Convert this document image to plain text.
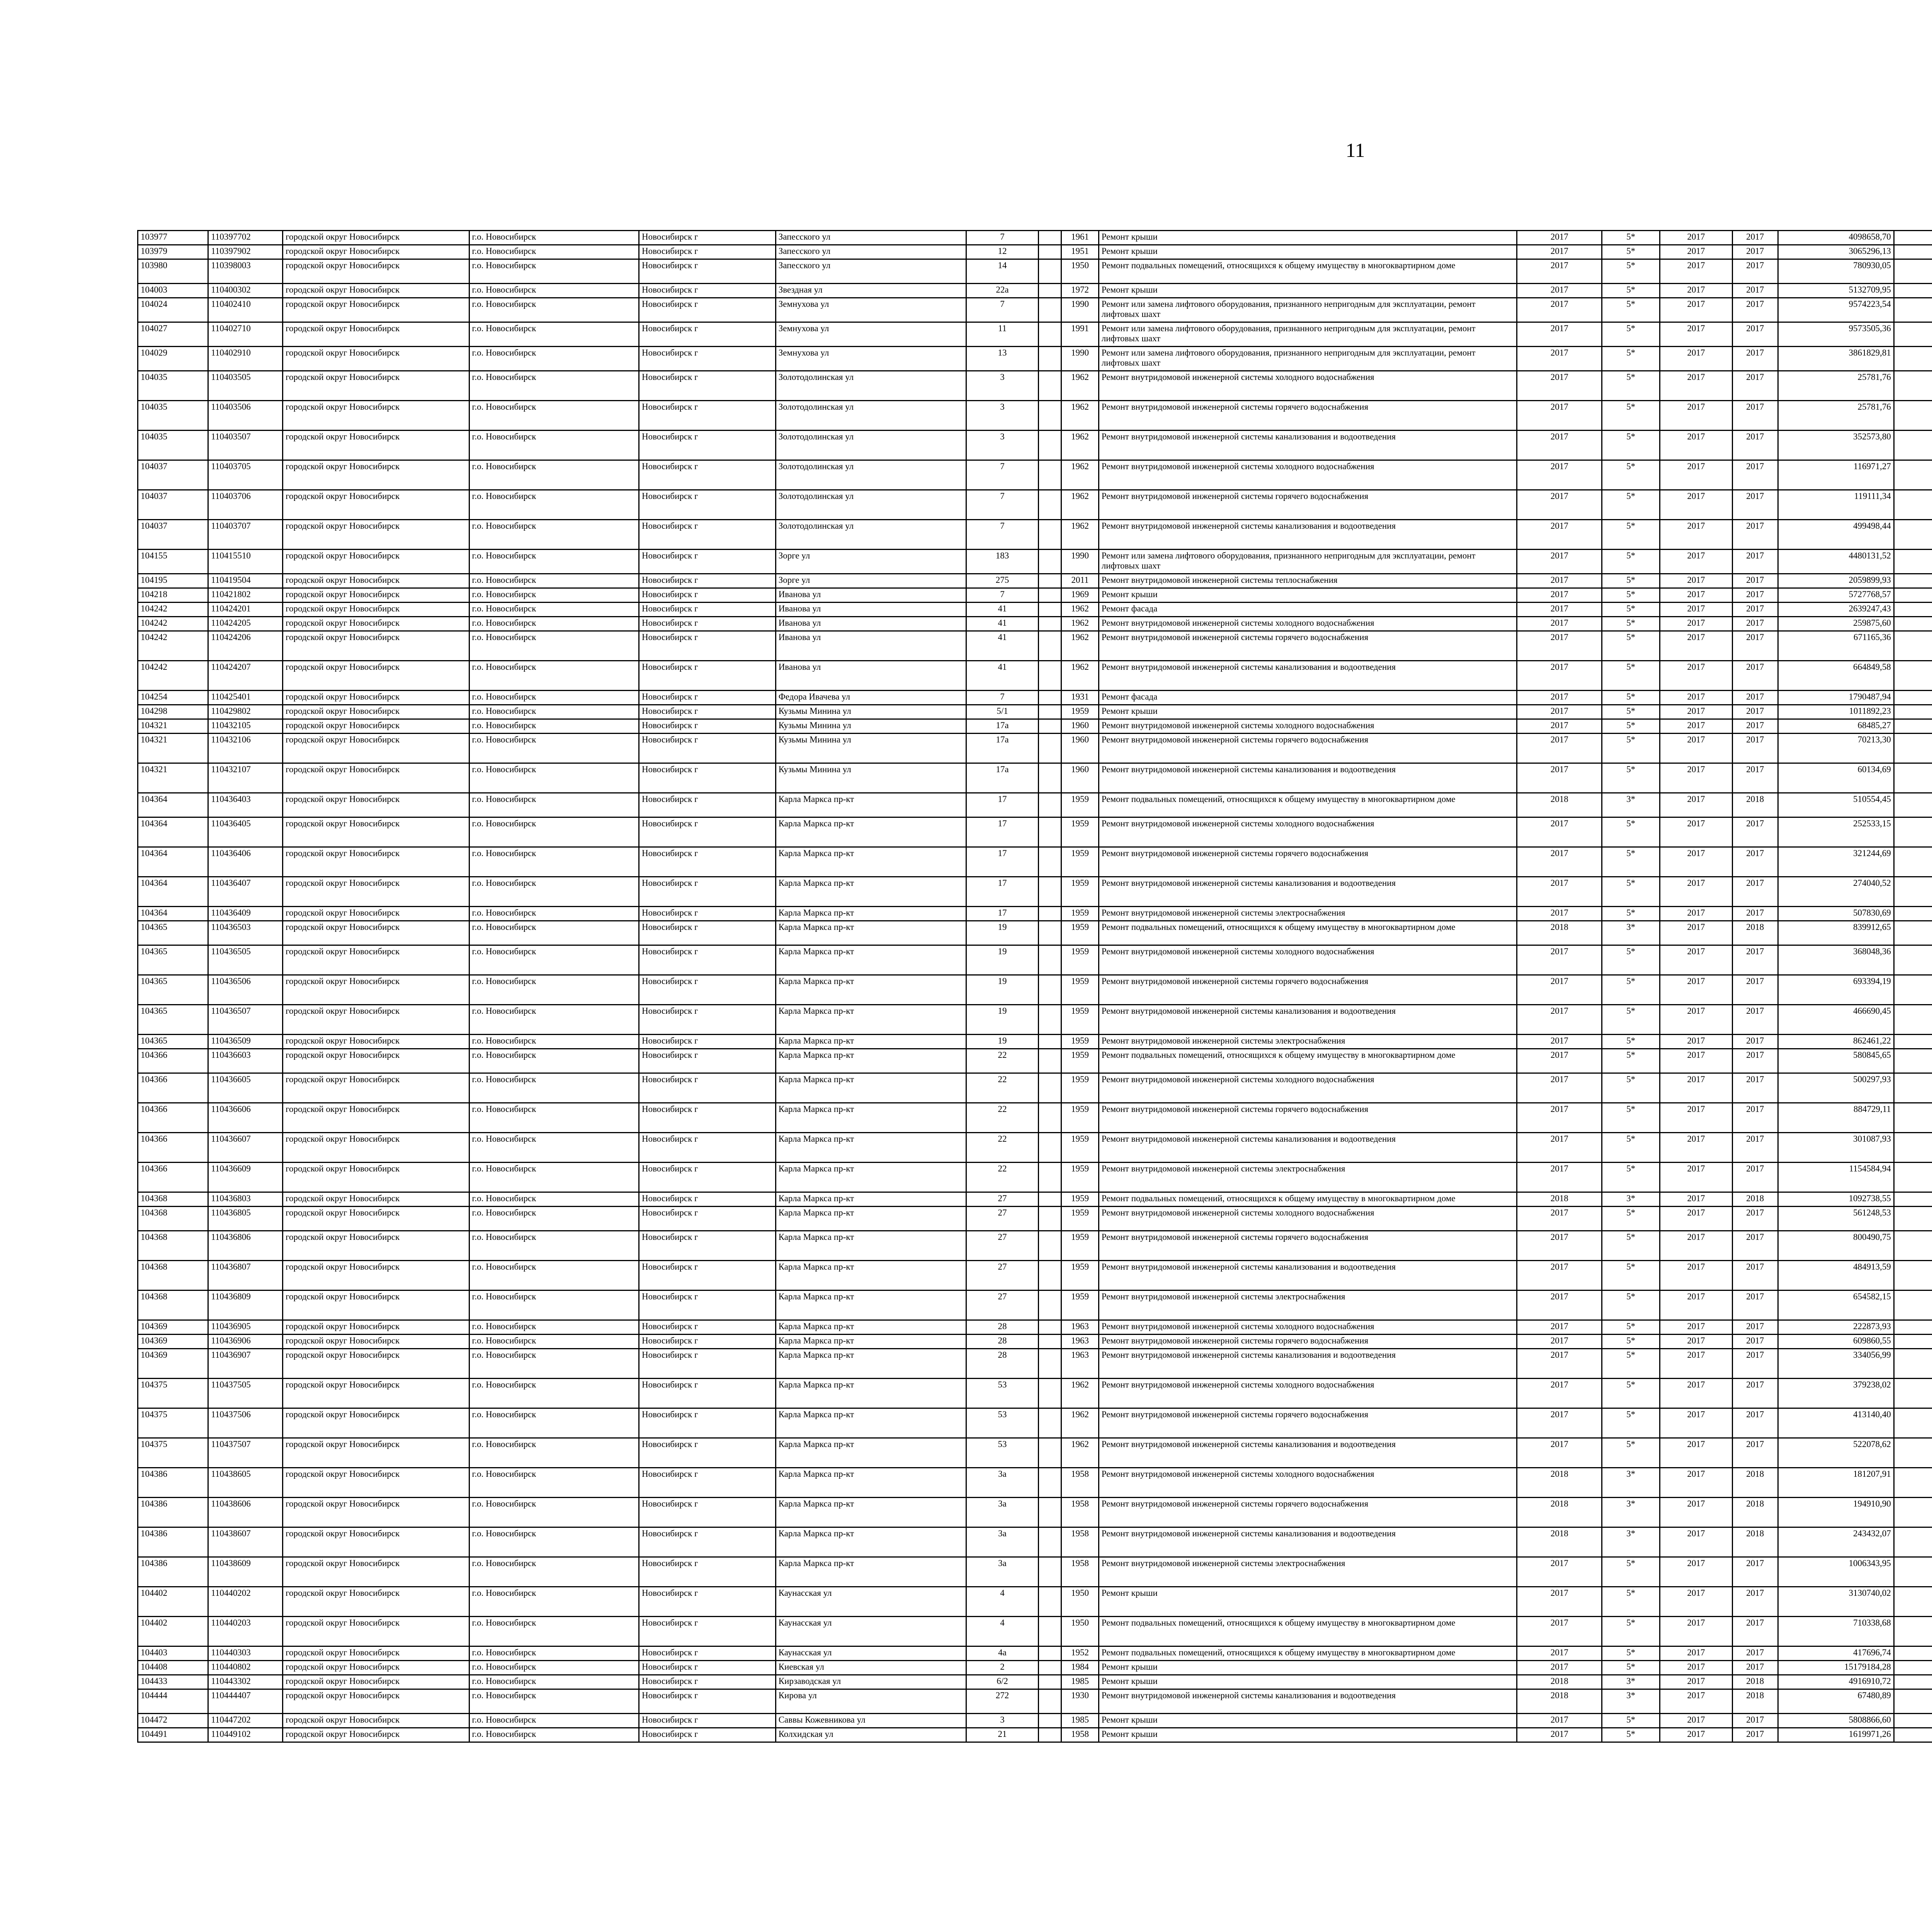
11
103977	110397702	городской округ Новосибирск	г.о. Новосибирск	Новосибирск г	Запесского ул	7		1961	Ремонт крыши	2017	5*	2017	2017	4098658,70							
103979	110397902	городской округ Новосибирск	г.о. Новосибирск	Новосибирск г	Запесского ул	12		1951	Ремонт крыши	2017	5*	2017	2017	3065296,13							
103980	110398003	городской округ Новосибирск	г.о. Новосибирск	Новосибирск г	Запесского ул	14		1950	Ремонт подвальных помещений, относящихся к общему имуществу в многоквартирном доме	2017	5*	2017	2017	780930,05							
104003	110400302	городской округ Новосибирск	г.о. Новосибирск	Новосибирск г	Звездная ул	22а		1972	Ремонт крыши	2017	5*	2017	2017	5132709,95							
104024	110402410	городской округ Новосибирск	г.о. Новосибирск	Новосибирск г	Земнухова ул	7		1990	Ремонт или замена лифтового оборудования, признанного непригодным для эксплуатации, ремонт лифтовых шахт	2017	5*	2017	2017	9574223,54							
104027	110402710	городской округ Новосибирск	г.о. Новосибирск	Новосибирск г	Земнухова ул	11		1991	Ремонт или замена лифтового оборудования, признанного непригодным для эксплуатации, ремонт лифтовых шахт	2017	5*	2017	2017	9573505,36							
104029	110402910	городской округ Новосибирск	г.о. Новосибирск	Новосибирск г	Земнухова ул	13		1990	Ремонт или замена лифтового оборудования, признанного непригодным для эксплуатации, ремонт лифтовых шахт	2017	5*	2017	2017	3861829,81							
104035	110403505	городской округ Новосибирск	г.о. Новосибирск	Новосибирск г	Золотодолинская ул	3		1962	Ремонт внутридомовой инженерной системы холодного водоснабжения	2017	5*	2017	2017	25781,76							
104035	110403506	городской округ Новосибирск	г.о. Новосибирск	Новосибирск г	Золотодолинская ул	3		1962	Ремонт внутридомовой инженерной системы горячего водоснабжения	2017	5*	2017	2017	25781,76							
104035	110403507	городской округ Новосибирск	г.о. Новосибирск	Новосибирск г	Золотодолинская ул	3		1962	Ремонт внутридомовой инженерной системы канализования и водоотведения	2017	5*	2017	2017	352573,80							
104037	110403705	городской округ Новосибирск	г.о. Новосибирск	Новосибирск г	Золотодолинская ул	7		1962	Ремонт внутридомовой инженерной системы холодного водоснабжения	2017	5*	2017	2017	116971,27							
104037	110403706	городской округ Новосибирск	г.о. Новосибирск	Новосибирск г	Золотодолинская ул	7		1962	Ремонт внутридомовой инженерной системы горячего водоснабжения	2017	5*	2017	2017	119111,34							
104037	110403707	городской округ Новосибирск	г.о. Новосибирск	Новосибирск г	Золотодолинская ул	7		1962	Ремонт внутридомовой инженерной системы канализования и водоотведения	2017	5*	2017	2017	499498,44							
104155	110415510	городской округ Новосибирск	г.о. Новосибирск	Новосибирск г	Зорге ул	183		1990	Ремонт или замена лифтового оборудования, признанного непригодным для эксплуатации, ремонт лифтовых шахт	2017	5*	2017	2017	4480131,52							
104195	110419504	городской округ Новосибирск	г.о. Новосибирск	Новосибирск г	Зорге ул	275		2011	Ремонт внутридомовой инженерной системы теплоснабжения	2017	5*	2017	2017	2059899,93							
104218	110421802	городской округ Новосибирск	г.о. Новосибирск	Новосибирск г	Иванова ул	7		1969	Ремонт крыши	2017	5*	2017	2017	5727768,57							
104242	110424201	городской округ Новосибирск	г.о. Новосибирск	Новосибирск г	Иванова ул	41		1962	Ремонт фасада	2017	5*	2017	2017	2639247,43							
104242	110424205	городской округ Новосибирск	г.о. Новосибирск	Новосибирск г	Иванова ул	41		1962	Ремонт внутридомовой инженерной системы холодного водоснабжения	2017	5*	2017	2017	259875,60							
104242	110424206	городской округ Новосибирск	г.о. Новосибирск	Новосибирск г	Иванова ул	41		1962	Ремонт внутридомовой инженерной системы горячего водоснабжения	2017	5*	2017	2017	671165,36							
104242	110424207	городской округ Новосибирск	г.о. Новосибирск	Новосибирск г	Иванова ул	41		1962	Ремонт внутридомовой инженерной системы канализования и водоотведения	2017	5*	2017	2017	664849,58							
104254	110425401	городской округ Новосибирск	г.о. Новосибирск	Новосибирск г	Федора Ивачева ул	7		1931	Ремонт фасада	2017	5*	2017	2017	1790487,94							
104298	110429802	городской округ Новосибирск	г.о. Новосибирск	Новосибирск г	Кузьмы Минина ул	5/1		1959	Ремонт крыши	2017	5*	2017	2017	1011892,23							
104321	110432105	городской округ Новосибирск	г.о. Новосибирск	Новосибирск г	Кузьмы Минина ул	17а		1960	Ремонт внутридомовой инженерной системы холодного водоснабжения	2017	5*	2017	2017	68485,27							
104321	110432106	городской округ Новосибирск	г.о. Новосибирск	Новосибирск г	Кузьмы Минина ул	17а		1960	Ремонт внутридомовой инженерной системы горячего водоснабжения	2017	5*	2017	2017	70213,30							
104321	110432107	городской округ Новосибирск	г.о. Новосибирск	Новосибирск г	Кузьмы Минина ул	17а		1960	Ремонт внутридомовой инженерной системы канализования и водоотведения	2017	5*	2017	2017	60134,69							
104364	110436403	городской округ Новосибирск	г.о. Новосибирск	Новосибирск г	Карла Маркса пр-кт	17		1959	Ремонт подвальных помещений, относящихся к общему имуществу в многоквартирном доме	2018	3*	2017	2018	510554,45							
104364	110436405	городской округ Новосибирск	г.о. Новосибирск	Новосибирск г	Карла Маркса пр-кт	17		1959	Ремонт внутридомовой инженерной системы холодного водоснабжения	2017	5*	2017	2017	252533,15							
104364	110436406	городской округ Новосибирск	г.о. Новосибирск	Новосибирск г	Карла Маркса пр-кт	17		1959	Ремонт внутридомовой инженерной системы горячего водоснабжения	2017	5*	2017	2017	321244,69							
104364	110436407	городской округ Новосибирск	г.о. Новосибирск	Новосибирск г	Карла Маркса пр-кт	17		1959	Ремонт внутридомовой инженерной системы канализования и водоотведения	2017	5*	2017	2017	274040,52							
104364	110436409	городской округ Новосибирск	г.о. Новосибирск	Новосибирск г	Карла Маркса пр-кт	17		1959	Ремонт внутридомовой инженерной системы электроснабжения	2017	5*	2017	2017	507830,69							
104365	110436503	городской округ Новосибирск	г.о. Новосибирск	Новосибирск г	Карла Маркса пр-кт	19		1959	Ремонт подвальных помещений, относящихся к общему имуществу в многоквартирном доме	2018	3*	2017	2018	839912,65							
104365	110436505	городской округ Новосибирск	г.о. Новосибирск	Новосибирск г	Карла Маркса пр-кт	19		1959	Ремонт внутридомовой инженерной системы холодного водоснабжения	2017	5*	2017	2017	368048,36							
104365	110436506	городской округ Новосибирск	г.о. Новосибирск	Новосибирск г	Карла Маркса пр-кт	19		1959	Ремонт внутридомовой инженерной системы горячего водоснабжения	2017	5*	2017	2017	693394,19							
104365	110436507	городской округ Новосибирск	г.о. Новосибирск	Новосибирск г	Карла Маркса пр-кт	19		1959	Ремонт внутридомовой инженерной системы канализования и водоотведения	2017	5*	2017	2017	466690,45							
104365	110436509	городской округ Новосибирск	г.о. Новосибирск	Новосибирск г	Карла Маркса пр-кт	19		1959	Ремонт внутридомовой инженерной системы электроснабжения	2017	5*	2017	2017	862461,22							
104366	110436603	городской округ Новосибирск	г.о. Новосибирск	Новосибирск г	Карла Маркса пр-кт	22		1959	Ремонт подвальных помещений, относящихся к общему имуществу в многоквартирном доме	2017	5*	2017	2017	580845,65							
104366	110436605	городской округ Новосибирск	г.о. Новосибирск	Новосибирск г	Карла Маркса пр-кт	22		1959	Ремонт внутридомовой инженерной системы холодного водоснабжения	2017	5*	2017	2017	500297,93							
104366	110436606	городской округ Новосибирск	г.о. Новосибирск	Новосибирск г	Карла Маркса пр-кт	22		1959	Ремонт внутридомовой инженерной системы горячего водоснабжения	2017	5*	2017	2017	884729,11							
104366	110436607	городской округ Новосибирск	г.о. Новосибирск	Новосибирск г	Карла Маркса пр-кт	22		1959	Ремонт внутридомовой инженерной системы канализования и водоотведения	2017	5*	2017	2017	301087,93							
104366	110436609	городской округ Новосибирск	г.о. Новосибирск	Новосибирск г	Карла Маркса пр-кт	22		1959	Ремонт внутридомовой инженерной системы электроснабжения	2017	5*	2017	2017	1154584,94							
104368	110436803	городской округ Новосибирск	г.о. Новосибирск	Новосибирск г	Карла Маркса пр-кт	27		1959	Ремонт подвальных помещений, относящихся к общему имуществу в многоквартирном доме	2018	3*	2017	2018	1092738,55							
104368	110436805	городской округ Новосибирск	г.о. Новосибирск	Новосибирск г	Карла Маркса пр-кт	27		1959	Ремонт внутридомовой инженерной системы холодного водоснабжения	2017	5*	2017	2017	561248,53							
104368	110436806	городской округ Новосибирск	г.о. Новосибирск	Новосибирск г	Карла Маркса пр-кт	27		1959	Ремонт внутридомовой инженерной системы горячего водоснабжения	2017	5*	2017	2017	800490,75							
104368	110436807	городской округ Новосибирск	г.о. Новосибирск	Новосибирск г	Карла Маркса пр-кт	27		1959	Ремонт внутридомовой инженерной системы канализования и водоотведения	2017	5*	2017	2017	484913,59							
104368	110436809	городской округ Новосибирск	г.о. Новосибирск	Новосибирск г	Карла Маркса пр-кт	27		1959	Ремонт внутридомовой инженерной системы электроснабжения	2017	5*	2017	2017	654582,15							
104369	110436905	городской округ Новосибирск	г.о. Новосибирск	Новосибирск г	Карла Маркса пр-кт	28		1963	Ремонт внутридомовой инженерной системы холодного водоснабжения	2017	5*	2017	2017	222873,93							
104369	110436906	городской округ Новосибирск	г.о. Новосибирск	Новосибирск г	Карла Маркса пр-кт	28		1963	Ремонт внутридомовой инженерной системы горячего водоснабжения	2017	5*	2017	2017	609860,55							
104369	110436907	городской округ Новосибирск	г.о. Новосибирск	Новосибирск г	Карла Маркса пр-кт	28		1963	Ремонт внутридомовой инженерной системы канализования и водоотведения	2017	5*	2017	2017	334056,99							
104375	110437505	городской округ Новосибирск	г.о. Новосибирск	Новосибирск г	Карла Маркса пр-кт	53		1962	Ремонт внутридомовой инженерной системы холодного водоснабжения	2017	5*	2017	2017	379238,02							
104375	110437506	городской округ Новосибирск	г.о. Новосибирск	Новосибирск г	Карла Маркса пр-кт	53		1962	Ремонт внутридомовой инженерной системы горячего водоснабжения	2017	5*	2017	2017	413140,40							
104375	110437507	городской округ Новосибирск	г.о. Новосибирск	Новосибирск г	Карла Маркса пр-кт	53		1962	Ремонт внутридомовой инженерной системы канализования и водоотведения	2017	5*	2017	2017	522078,62							
104386	110438605	городской округ Новосибирск	г.о. Новосибирск	Новосибирск г	Карла Маркса пр-кт	3а		1958	Ремонт внутридомовой инженерной системы холодного водоснабжения	2018	3*	2017	2018	181207,91							
104386	110438606	городской округ Новосибирск	г.о. Новосибирск	Новосибирск г	Карла Маркса пр-кт	3а		1958	Ремонт внутридомовой инженерной системы горячего водоснабжения	2018	3*	2017	2018	194910,90							
104386	110438607	городской округ Новосибирск	г.о. Новосибирск	Новосибирск г	Карла Маркса пр-кт	3а		1958	Ремонт внутридомовой инженерной системы канализования и водоотведения	2018	3*	2017	2018	243432,07							
104386	110438609	городской округ Новосибирск	г.о. Новосибирск	Новосибирск г	Карла Маркса пр-кт	3а		1958	Ремонт внутридомовой инженерной системы электроснабжения	2017	5*	2017	2017	1006343,95							
104402	110440202	городской округ Новосибирск	г.о. Новосибирск	Новосибирск г	Каунасская ул	4		1950	Ремонт крыши	2017	5*	2017	2017	3130740,02							
104402	110440203	городской округ Новосибирск	г.о. Новосибирск	Новосибирск г	Каунасская ул	4		1950	Ремонт подвальных помещений, относящихся к общему имуществу в многоквартирном доме	2017	5*	2017	2017	710338,68							
104403	110440303	городской округ Новосибирск	г.о. Новосибирск	Новосибирск г	Каунасская ул	4а		1952	Ремонт подвальных помещений, относящихся к общему имуществу в многоквартирном доме	2017	5*	2017	2017	417696,74							
104408	110440802	городской округ Новосибирск	г.о. Новосибирск	Новосибирск г	Киевская ул	2		1984	Ремонт крыши	2017	5*	2017	2017	15179184,28							
104433	110443302	городской округ Новосибирск	г.о. Новосибирск	Новосибирск г	Кирзаводская ул	6/2		1985	Ремонт крыши	2018	3*	2017	2018	4916910,72							
104444	110444407	городской округ Новосибирск	г.о. Новосибирск	Новосибирск г	Кирова ул	272		1930	Ремонт внутридомовой инженерной системы канализования и водоотведения	2018	3*	2017	2018	67480,89							
104472	110447202	городской округ Новосибирск	г.о. Новосибирск	Новосибирск г	Саввы Кожевникова ул	3		1985	Ремонт крыши	2017	5*	2017	2017	5808866,60							
104491	110449102	городской округ Новосибирск	г.о. Новосибирск	Новосибирск г	Колхидская ул	21		1958	Ремонт крыши	2017	5*	2017	2017	1619971,26							
